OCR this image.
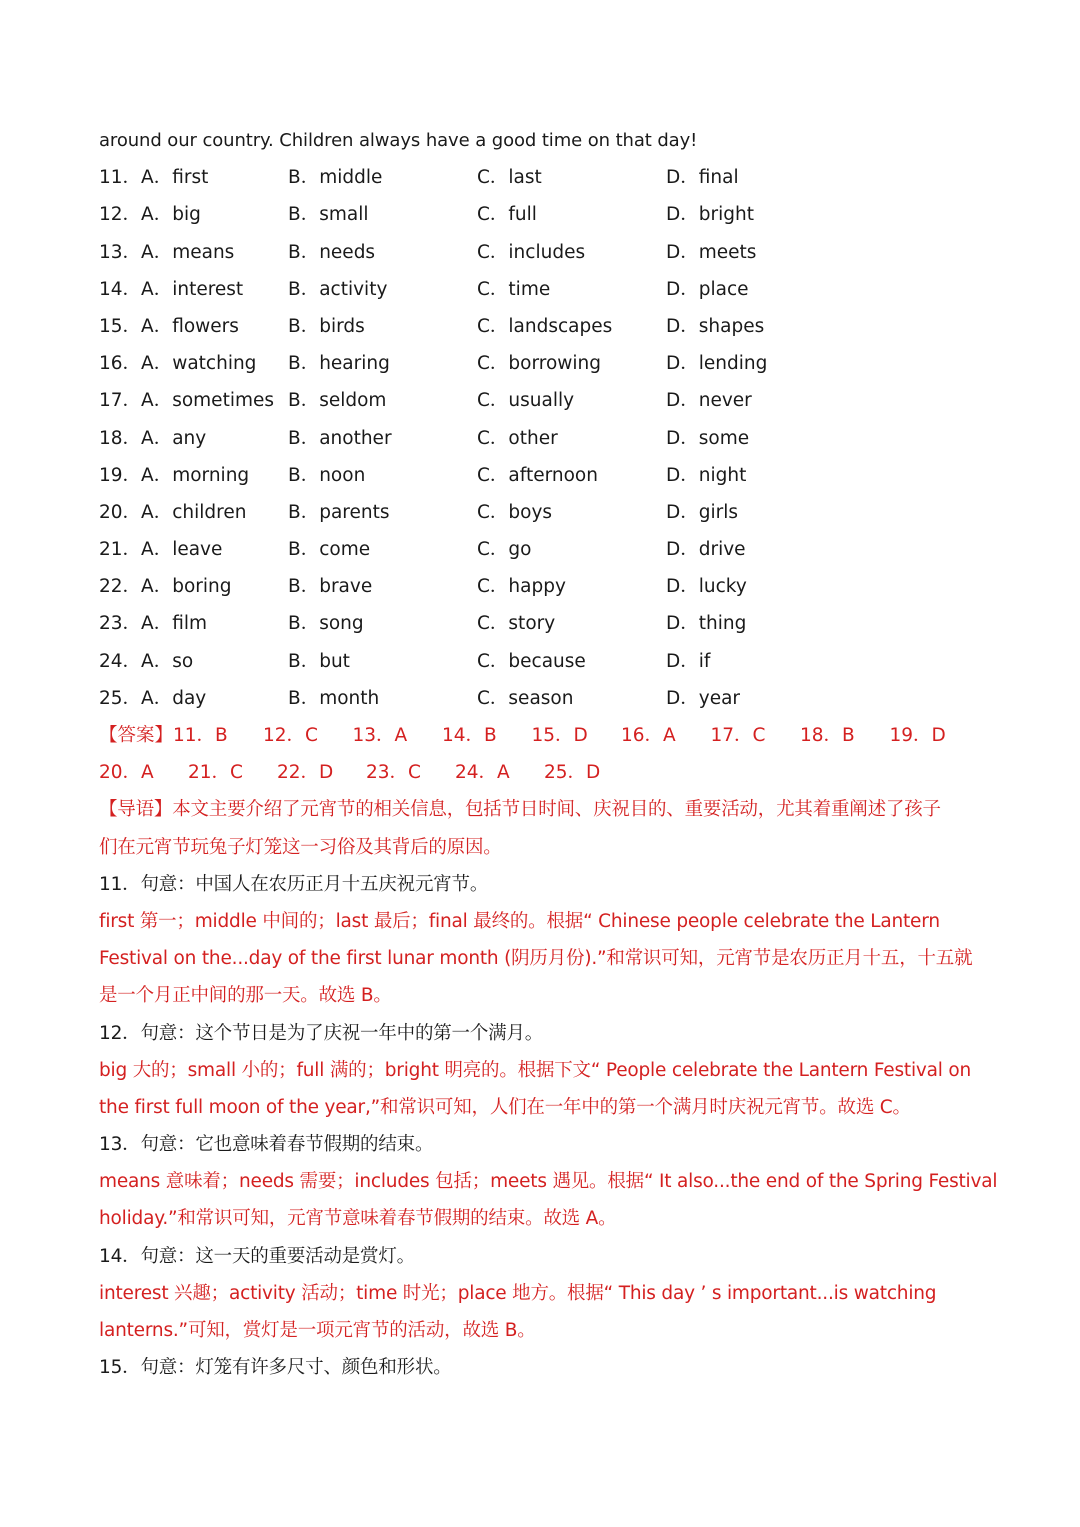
around our country. Children always have a good time on that day!
11．A．first	B．middle	C．last	D．final
12．A．big	B．small	C．full	D．bright
13．A．means	B．needs	C．includes	D．meets
14．A．interest	B．activity	C．time	D．place
15．A．flowers	B．birds	C．landscapes	D．shapes
16．A．watching	B．hearing	C．borrowing	D．lending
17．A．sometimes B．seldom	C．usually	D．never
18．A．any	B．another	C．other	D．some
19．A．morning	B．noon	C．afternoon	D．night
20．A．children	B．parents	C．boys	D．girls
21．A．leave	B．come	C．go	D．drive
22．A．boring	B．brave	C．happy	D．lucky
23．A．film	B．song	C．story	D．thing
24．A．so	B．but	C．because	D．if
25．A．day	B．month	C．season	D．year
【答案】11．B	12．C	13．A	14．B	15．D	16．A	17．C	18．B	19．D
20．A	21．C	22．D	23．C	24．A	25．D
【导语】本文主要介绍了元宵节的相关信息，包括节日时间、庆祝目的、重要活动，尤其着重阐述了孩子
们在元宵节玩兔子灯笼这一习俗及其背后的原因。
11．句意：中国人在农历正月十五庆祝元宵节。
first 第一；middle 中间的；last 最后；final 最终的。根据“ Chinese people celebrate the Lantern
Festival on the...day of the first lunar month (阴历月份).”和常识可知，元宵节是农历正月十五，十五就
是一个月正中间的那一天。故选 B。
12．句意：这个节日是为了庆祝一年中的第一个满月。
big 大的；small 小的；full 满的；bright 明亮的。根据下文“ People celebrate the Lantern Festival on
the first full moon of the year,”和常识可知，人们在一年中的第一个满月时庆祝元宵节。故选 C。
13．句意：它也意味着春节假期的结束。
means 意味着；needs 需要；includes 包括；meets 遇见。根据“ It also...the end of the Spring Festival
holiday.”和常识可知，元宵节意味着春节假期的结束。故选 A。
14．句意：这一天的重要活动是赏灯。
interest 兴趣；activity 活动；time 时光；place 地方。根据“ This day ’ s important...is watching
lanterns.”可知，赏灯是一项元宵节的活动，故选 B。
15．句意：灯笼有许多尺寸、颜色和形状。
